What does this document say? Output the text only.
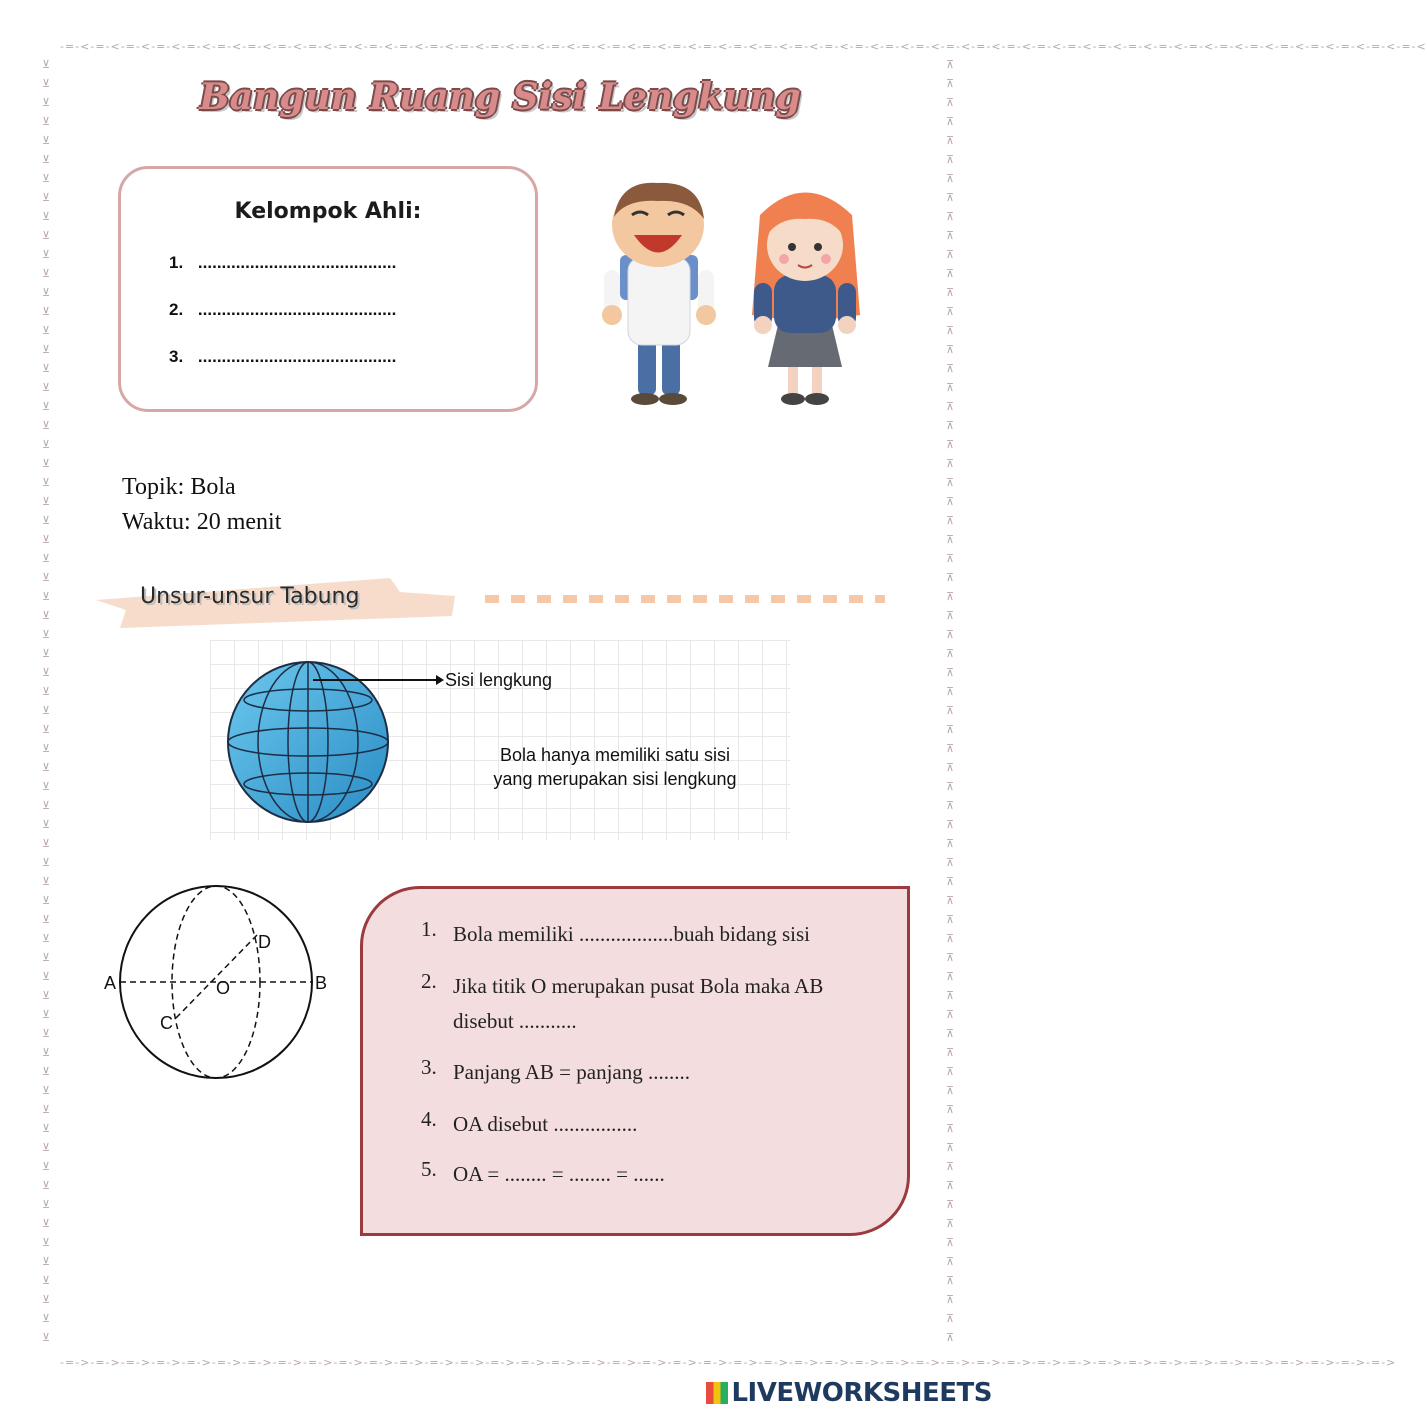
-=-<-=-<-=-<-=-<-=-<-=-<-=-<-=-<-=-<-=-<-=-<-=-<-=-<-=-<-=-<-=-<-=-<-=-<-=-<-=-<-=-<-=-<-=-<-=-<-=-<-=-<-=-<-=-<-=-<-=-<-=-<-=-<-=-<-=-<-=-<-=-<-=-<-=-<-=-<-=-<-=-<-=-<-=-<-=-<-=-<
-=->-=->-=->-=->-=->-=->-=->-=->-=->-=->-=->-=->-=->-=->-=->-=->-=->-=->-=->-=->-=->-=->-=->-=->-=->-=->-=->-=->-=->-=->-=->-=->-=->-=->-=->-=->-=->-=->-=->-=->-=->-=->-=->-=->
⊻
⊻
⊻
⊻
⊻
⊻
⊻
⊻
⊻
⊻
⊻
⊻
⊻
⊻
⊻
⊻
⊻
⊻
⊻
⊻
⊻
⊻
⊻
⊻
⊻
⊻
⊻
⊻
⊻
⊻
⊻
⊻
⊻
⊻
⊻
⊻
⊻
⊻
⊻
⊻
⊻
⊻
⊻
⊻
⊻
⊻
⊻
⊻
⊻
⊻
⊻
⊻
⊻
⊻
⊻
⊻
⊻
⊻
⊻
⊻
⊻
⊻
⊻
⊻
⊻
⊻
⊻
⊻
⊼
⊼
⊼
⊼
⊼
⊼
⊼
⊼
⊼
⊼
⊼
⊼
⊼
⊼
⊼
⊼
⊼
⊼
⊼
⊼
⊼
⊼
⊼
⊼
⊼
⊼
⊼
⊼
⊼
⊼
⊼
⊼
⊼
⊼
⊼
⊼
⊼
⊼
⊼
⊼
⊼
⊼
⊼
⊼
⊼
⊼
⊼
⊼
⊼
⊼
⊼
⊼
⊼
⊼
⊼
⊼
⊼
⊼
⊼
⊼
⊼
⊼
⊼
⊼
⊼
⊼
⊼
⊼
Bangun Ruang Sisi Lengkung
Kelompok Ahli:
1. ..........................................
2. ..........................................
3. ..........................................
Topik: Bola
Waktu: 20 menit
Unsur-unsur Tabung
Sisi lengkung
Bola hanya memiliki satu sisi
yang merupakan sisi lengkung
A	B
C
D
O
1. Bola memiliki ..................buah bidang sisi
2. Jika titik O merupakan pusat Bola maka AB disebut ...........
3. Panjang AB = panjang ........
4. OA disebut ................
5. OA = ........ = ........ = ......
LIVEWORKSHEETS
